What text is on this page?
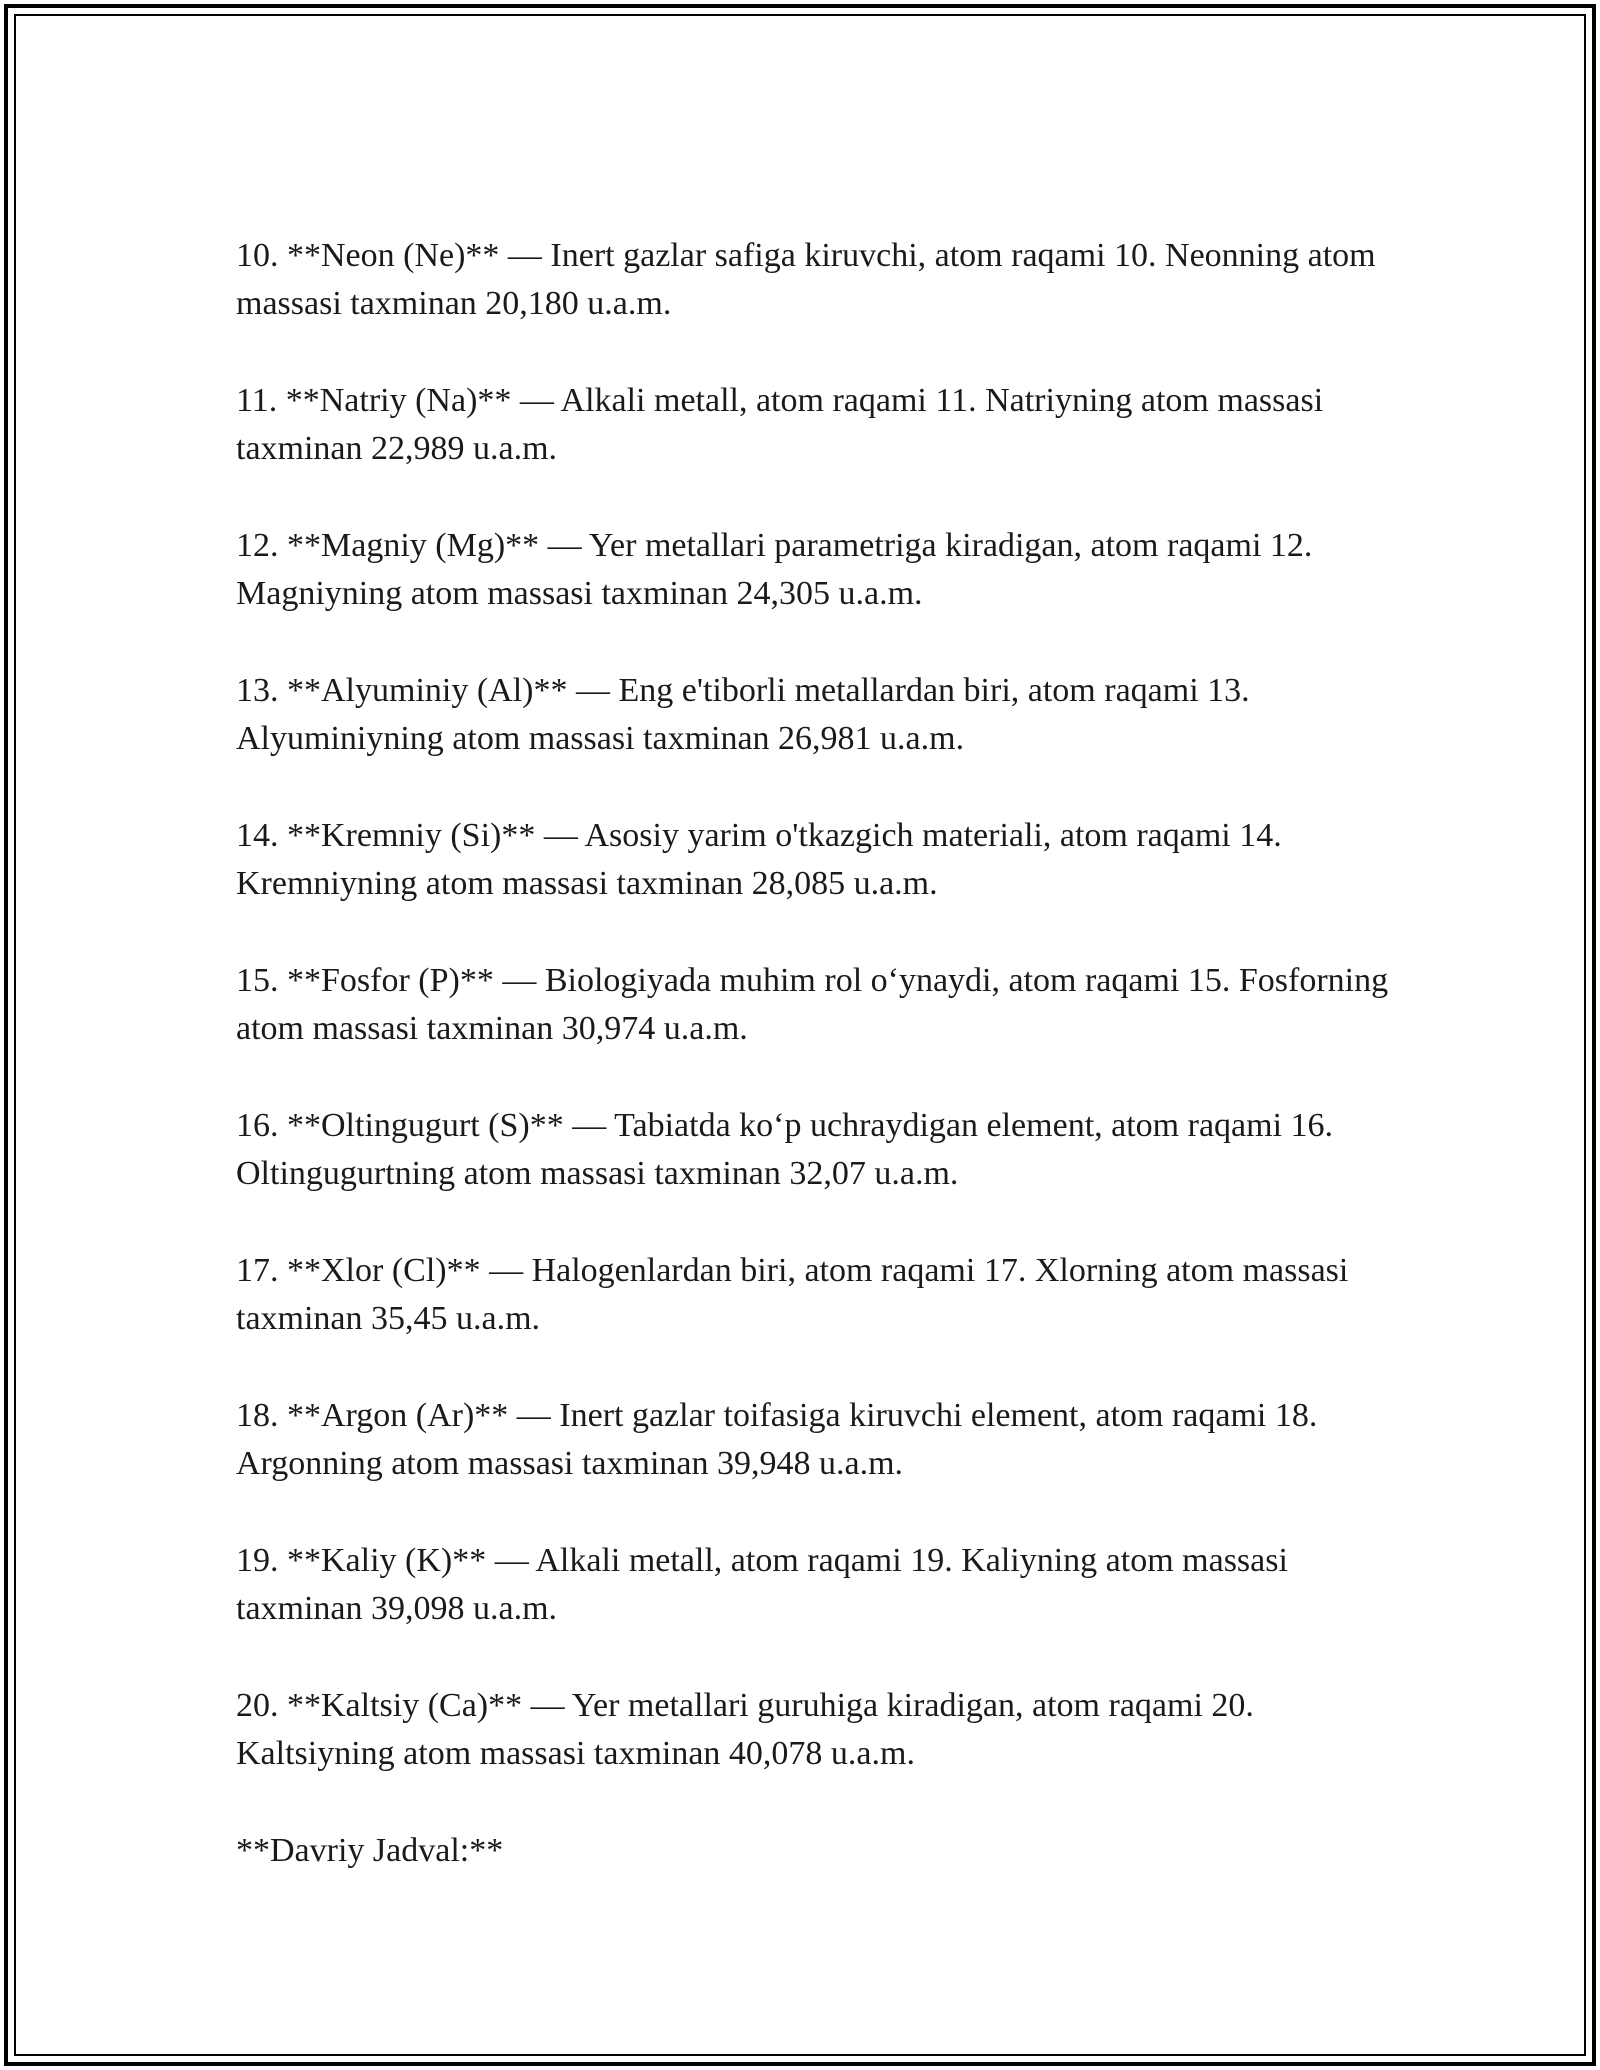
10. **Neon (Ne)** — Inert gazlar safiga kiruvchi, atom raqami 10. Neonning atom massasi taxminan 20,180 u.a.m.

11. **Natriy (Na)** — Alkali metall, atom raqami 11. Natriyning atom massasi taxminan 22,989 u.a.m.

12. **Magniy (Mg)** — Yer metallari parametriga kiradigan, atom raqami 12. Magniyning atom massasi taxminan 24,305 u.a.m.

13. **Alyuminiy (Al)** — Eng e'tiborli metallardan biri, atom raqami 13. Alyuminiyning atom massasi taxminan 26,981 u.a.m.

14. **Kremniy (Si)** — Asosiy yarim o'tkazgich materiali, atom raqami 14. Kremniyning atom massasi taxminan 28,085 u.a.m.

15. **Fosfor (P)** — Biologiyada muhim rol oʻynaydi, atom raqami 15. Fosforning atom massasi taxminan 30,974 u.a.m.

16. **Oltingugurt (S)** — Tabiatda koʻp uchraydigan element, atom raqami 16. Oltingugurtning atom massasi taxminan 32,07 u.a.m.

17. **Xlor (Cl)** — Halogenlardan biri, atom raqami 17. Xlorning atom massasi taxminan 35,45 u.a.m.

18. **Argon (Ar)** — Inert gazlar toifasiga kiruvchi element, atom raqami 18. Argonning atom massasi taxminan 39,948 u.a.m.

19. **Kaliy (K)** — Alkali metall, atom raqami 19. Kaliyning atom massasi taxminan 39,098 u.a.m.

20. **Kaltsiy (Ca)** — Yer metallari guruhiga kiradigan, atom raqami 20. Kaltsiyning atom massasi taxminan 40,078 u.a.m.

**Davriy Jadval:**
